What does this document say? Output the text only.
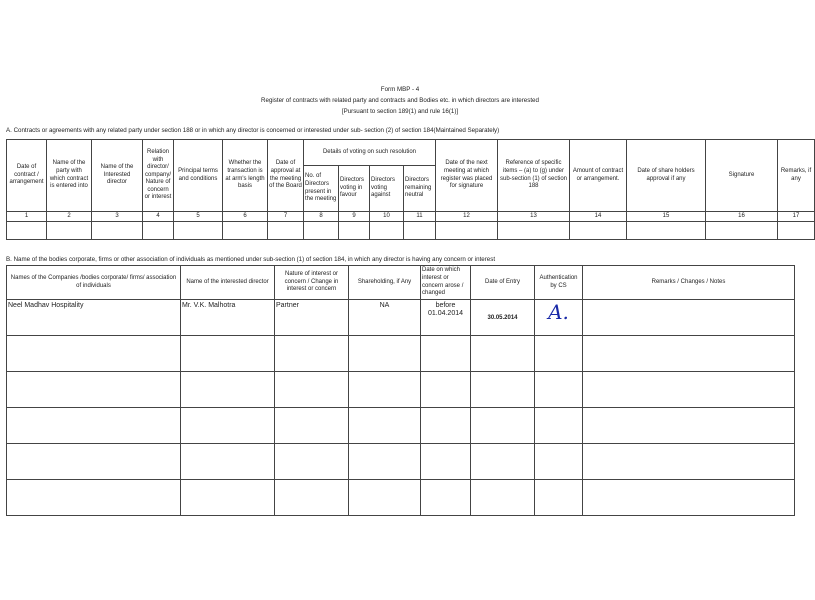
Form MBP - 4
Register of contracts with related party and contracts and Bodies etc. in which directors are interested
[Pursuant to section 189(1) and rule 16(1)]
A. Contracts or agreements with any related party under section 188 or in which any director is concerned or interested under sub- section (2) of section 184(Maintained Separately)
Date of contract / arrangement	Name of the party with which contract is entered into	Name of the Interested director	Relation with director/ company/ Nature of concern or interest	Principal terms and conditions	Whether the transaction is at arm's length basis	Date of approval at the meeting of the Board	Details of voting on such resolution				Date of the next meeting at which register was placed for signature	Reference of specific items – (a) to (g) under sub-section (1) of section 188	Amount of contract or arrangement.	Date of share holders approval if any	Signature	Remarks, if any
							No. of Directors present in the meeting	Directors voting in favour	Directors voting against	Directors remaining neutral						
1	2	3	4	5	6	7	8	9	10	11	12	13	14	15	16	17

B. Name of the bodies corporate, firms or other association of individuals as mentioned under sub-section (1) of section 184, in which any director is having any concern or interest
Names of the Companies /bodies corporate/ firms/ association of individuals	Name of the interested director	Nature of interest or concern / Change in interest or concern	Shareholding, if Any	Date on which interest or concern arose / changed	Date of Entry	Authentication by CS	Remarks / Changes / Notes
Neel Madhav Hospitality	Mr. V.K. Malhotra	Partner	NA	before 01.04.2014	30.05.2014	A.	
